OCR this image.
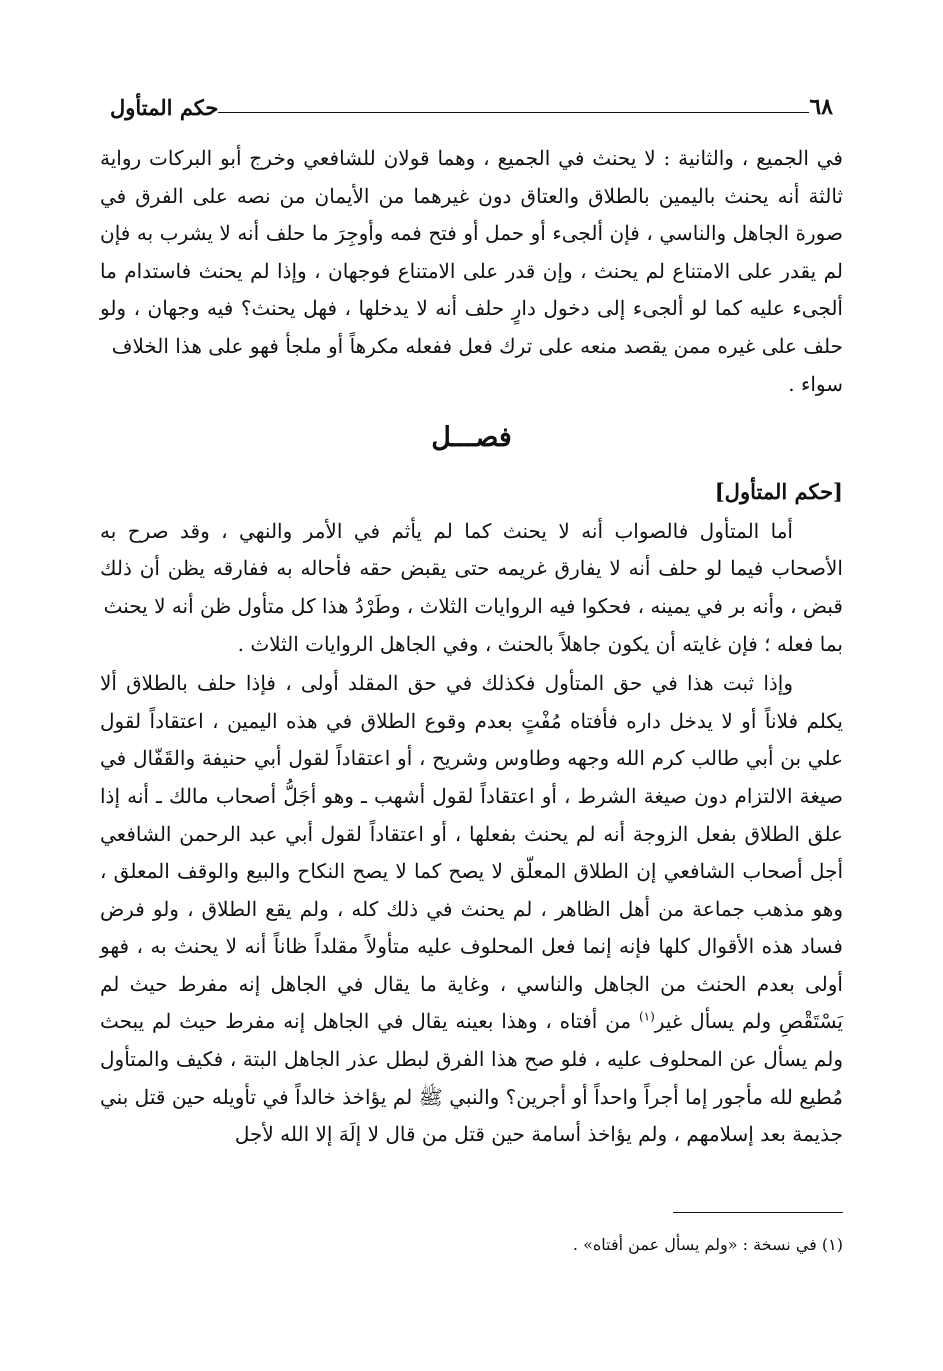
٦٨
حكم المتأول

في الجميع ، والثانية : لا يحنث في الجميع ، وهما قولان للشافعي وخرج أبو البركات رواية ثالثة أنه يحنث باليمين بالطلاق والعتاق دون غيرهما من الأيمان من نصه على الفرق في صورة الجاهل والناسي ، فإن ألجىء أو حمل أو فتح فمه وأوجِرَ ما حلف أنه لا يشرب به فإن لم يقدر على الامتناع لم يحنث ، وإن قدر على الامتناع فوجهان ، وإذا لم يحنث فاستدام ما ألجىء عليه كما لو ألجىء إلى دخول دارٍ حلف أنه لا يدخلها ، فهل يحنث؟ فيه وجهان ، ولو حلف على غيره ممن يقصد منعه على ترك فعل ففعله مكرهاً أو ملجأ فهو على هذا الخلاف

سواء .

فصـــل
[حكم المتأول]

أما المتأول فالصواب أنه لا يحنث كما لم يأثم في الأمر والنهي ، وقد صرح به الأصحاب فيما لو حلف أنه لا يفارق غريمه حتى يقبض حقه فأحاله به ففارقه يظن أن ذلك قبض ، وأنه بر في يمينه ، فحكوا فيه الروايات الثلاث ، وطَرْدُ هذا كل متأول ظن أنه لا يحنث

بما فعله ؛ فإن غايته أن يكون جاهلاً بالحنث ، وفي الجاهل الروايات الثلاث .

وإذا ثبت هذا في حق المتأول فكذلك في حق المقلد أولى ، فإذا حلف بالطلاق ألا يكلم فلاناً أو لا يدخل داره فأفتاه مُفْتٍ بعدم وقوع الطلاق في هذه اليمين ، اعتقاداً لقول علي بن أبي طالب كرم الله وجهه وطاوس وشريح ، أو اعتقاداً لقول أبي حنيفة والقَفّال في صيغة الالتزام دون صيغة الشرط ، أو اعتقاداً لقول أشهب ـ وهو أجَلُّ أصحاب مالك ـ أنه إذا علق الطلاق بفعل الزوجة أنه لم يحنث بفعلها ، أو اعتقاداً لقول أبي عبد الرحمن الشافعي أجل أصحاب الشافعي إن الطلاق المعلّق لا يصح كما لا يصح النكاح والبيع والوقف المعلق ، وهو مذهب جماعة من أهل الظاهر ، لم يحنث في ذلك كله ، ولم يقع الطلاق ، ولو فرض فساد هذه الأقوال كلها فإنه إنما فعل المحلوف عليه متأولاً مقلداً ظاناً أنه لا يحنث به ، فهو أولى بعدم الحنث من الجاهل والناسي ، وغاية ما يقال في الجاهل إنه مفرط حيث لم يَسْتَقْصِ ولم يسأل غير$^{(١)}$ من أفتاه ، وهذا بعينه يقال في الجاهل إنه مفرط حيث لم يبحث ولم يسأل عن المحلوف عليه ، فلو صح هذا الفرق لبطل عذر الجاهل البتة ، فكيف والمتأول مُطيع لله مأجور إما أجراً واحداً أو أجرين؟ والنبي ﷺ لم يؤاخذ خالداً في تأويله حين قتل بني جذيمة بعد إسلامهم ، ولم يؤاخذ أسامة حين قتل من قال لا إلَهَ إلا الله لأجل

(١) في نسخة : «ولم يسأل عمن أفتاه» .
